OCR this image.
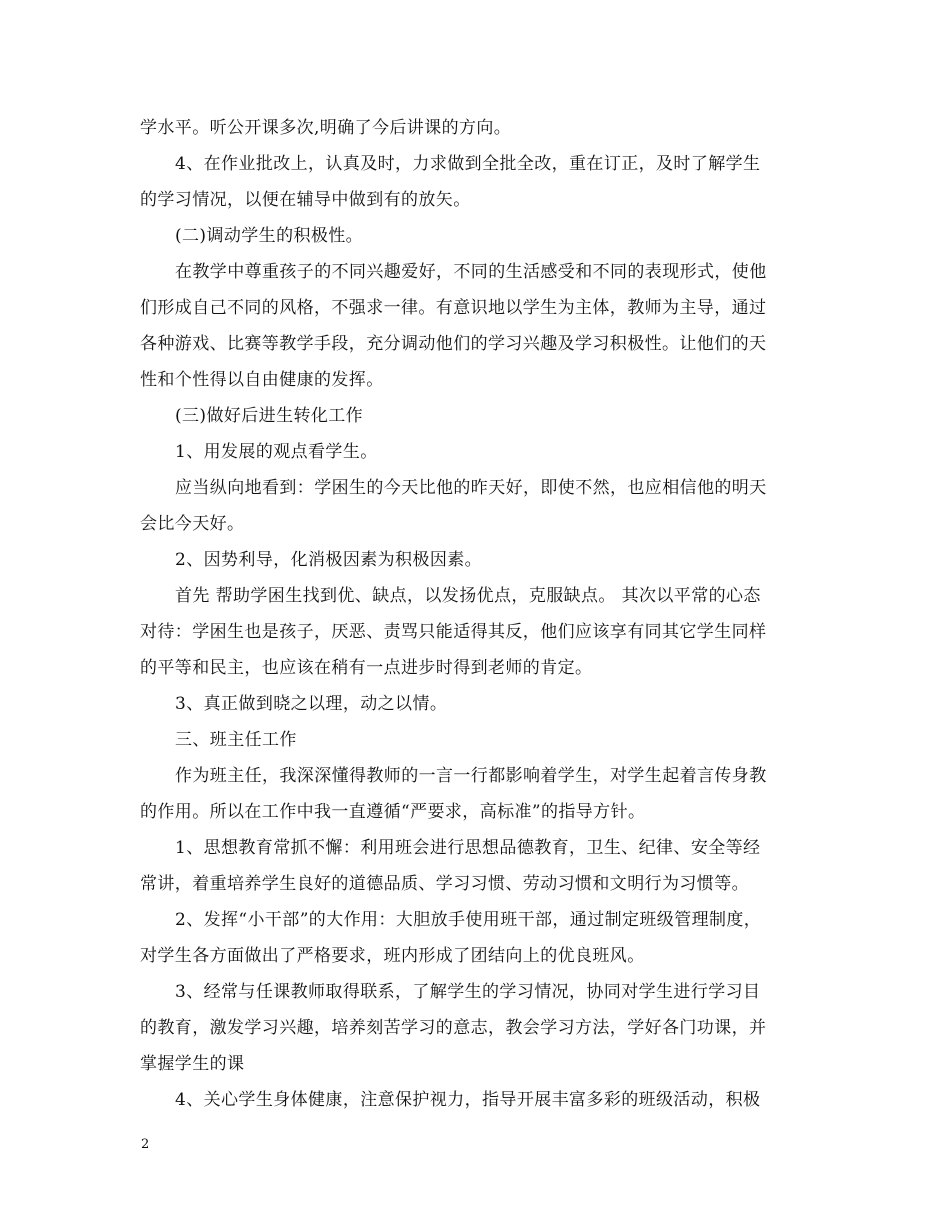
学水平。听公开课多次,明确了今后讲课的方向。
4、在作业批改上，认真及时，力求做到全批全改，重在订正，及时了解学生
的学习情况，以便在辅导中做到有的放矢。
(二)调动学生的积极性。
在教学中尊重孩子的不同兴趣爱好，不同的生活感受和不同的表现形式，使他
们形成自己不同的风格，不强求一律。有意识地以学生为主体，教师为主导，通过
各种游戏、比赛等教学手段，充分调动他们的学习兴趣及学习积极性。让他们的天
性和个性得以自由健康的发挥。
(三)做好后进生转化工作
1、用发展的观点看学生。
应当纵向地看到：学困生的今天比他的昨天好，即使不然，也应相信他的明天
会比今天好。
2、因势利导，化消极因素为积极因素。
首先 帮助学困生找到优、缺点，以发扬优点，克服缺点。 其次以平常的心态
对待：学困生也是孩子，厌恶、责骂只能适得其反，他们应该享有同其它学生同样
的平等和民主，也应该在稍有一点进步时得到老师的肯定。
3、真正做到晓之以理，动之以情。
三、班主任工作
作为班主任，我深深懂得教师的一言一行都影响着学生，对学生起着言传身教
的作用。所以在工作中我一直遵循“严要求，高标准”的指导方针。
1、思想教育常抓不懈：利用班会进行思想品德教育，卫生、纪律、安全等经
常讲，着重培养学生良好的道德品质、学习习惯、劳动习惯和文明行为习惯等。
2、发挥“小干部”的大作用：大胆放手使用班干部，通过制定班级管理制度，
对学生各方面做出了严格要求，班内形成了团结向上的优良班风。
3、经常与任课教师取得联系，了解学生的学习情况，协同对学生进行学习目
的教育，激发学习兴趣，培养刻苦学习的意志，教会学习方法，学好各门功课，并
掌握学生的课
4、关心学生身体健康，注意保护视力，指导开展丰富多彩的班级活动，积极
2
